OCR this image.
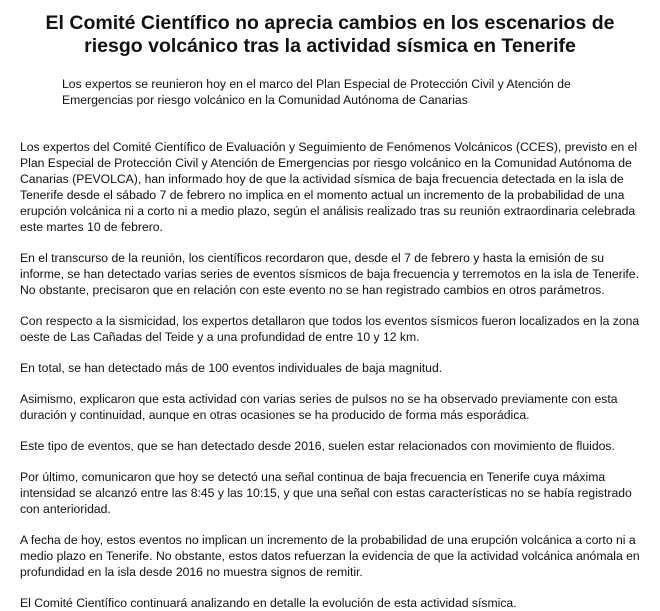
El Comité Científico no aprecia cambios en los escenarios de riesgo volcánico tras la actividad sísmica en Tenerife

Los expertos se reunieron hoy en el marco del Plan Especial de Protección Civil y Atención de Emergencias por riesgo volcánico en la Comunidad Autónoma de Canarias

Los expertos del Comité Científico de Evaluación y Seguimiento de Fenómenos Volcánicos (CCES), previsto en el Plan Especial de Protección Civil y Atención de Emergencias por riesgo volcánico en la Comunidad Autónoma de Canarias (PEVOLCA), han informado hoy de que la actividad sísmica de baja frecuencia detectada en la isla de Tenerife desde el sábado 7 de febrero no implica en el momento actual un incremento de la probabilidad de una erupción volcánica ni a corto ni a medio plazo, según el análisis realizado tras su reunión extraordinaria celebrada este martes 10 de febrero.

En el transcurso de la reunión, los científicos recordaron que, desde el 7 de febrero y hasta la emisión de su informe, se han detectado varias series de eventos sísmicos de baja frecuencia y terremotos en la isla de Tenerife. No obstante, precisaron que en relación con este evento no se han registrado cambios en otros parámetros.

Con respecto a la sismicidad, los expertos detallaron que todos los eventos sísmicos fueron localizados en la zona oeste de Las Cañadas del Teide y a una profundidad de entre 10 y 12 km.

En total, se han detectado más de 100 eventos individuales de baja magnitud.

Asimismo, explicaron que esta actividad con varias series de pulsos no se ha observado previamente con esta duración y continuidad, aunque en otras ocasiones se ha producido de forma más esporádica.

Este tipo de eventos, que se han detectado desde 2016, suelen estar relacionados con movimiento de fluidos.

Por último, comunicaron que hoy se detectó una señal continua de baja frecuencia en Tenerife cuya máxima intensidad se alcanzó entre las 8:45 y las 10:15, y que una señal con estas características no se había registrado con anterioridad.

A fecha de hoy, estos eventos no implican un incremento de la probabilidad de una erupción volcánica a corto ni a medio plazo en Tenerife. No obstante, estos datos refuerzan la evidencia de que la actividad volcánica anómala en profundidad en la isla desde 2016 no muestra signos de remitir.

El Comité Científico continuará analizando en detalle la evolución de esta actividad sísmica.
